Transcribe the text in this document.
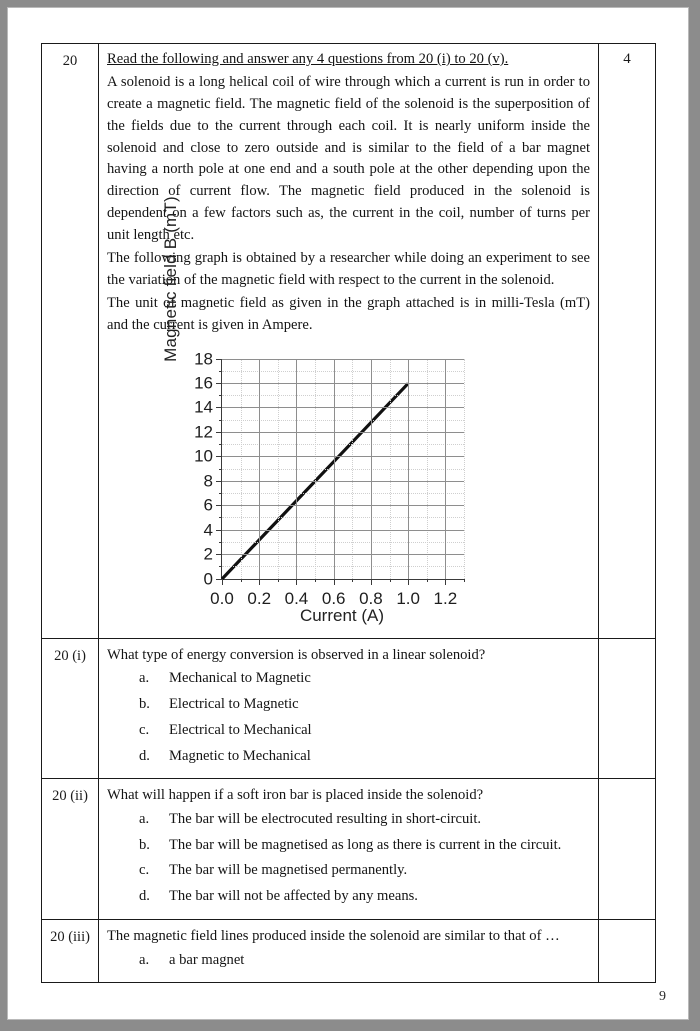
20	Read the following and answer any 4 questions from 20 (i) to 20 (v).

A solenoid is a long helical coil of wire through which a current is run in order to create a magnetic field. The magnetic field of the solenoid is the superposition of the fields due to the current through each coil. It is nearly uniform inside the solenoid and close to zero outside and is similar to the field of a bar magnet having a north pole at one end and a south pole at the other depending upon the direction of current flow. The magnetic field produced in the solenoid is dependent on a few factors such as, the current in the coil, number of turns per unit length etc.

The following graph is obtained by a researcher while doing an experiment to see the variation of the magnetic field with respect to the current in the solenoid.

The unit of magnetic field as given in the graph attached is in milli-Tesla (mT) and the current is given in Ampere.

Magnetic field B (mT)
0
2
4
6
8
10
12
14
16
18
0.0 0.2 0.4 0.6 0.8 1.0 1.2
Current (A)
	4
20 (i)	What type of energy conversion is observed in a linear solenoid?

a.	Mechanical to Magnetic
b.	Electrical to Magnetic
c.	Electrical to Mechanical
d.	Magnetic to Mechanical

20 (ii)	What will happen if a soft iron bar is placed inside the solenoid?

a.	The bar will be electrocuted resulting in short-circuit.
b.	The bar will be magnetised as long as there is current in the circuit.
c.	The bar will be magnetised permanently.
d.	The bar will not be affected by any means.

20 (iii)	The magnetic field lines produced inside the solenoid are similar to that of …

a.	a bar magnet

9
